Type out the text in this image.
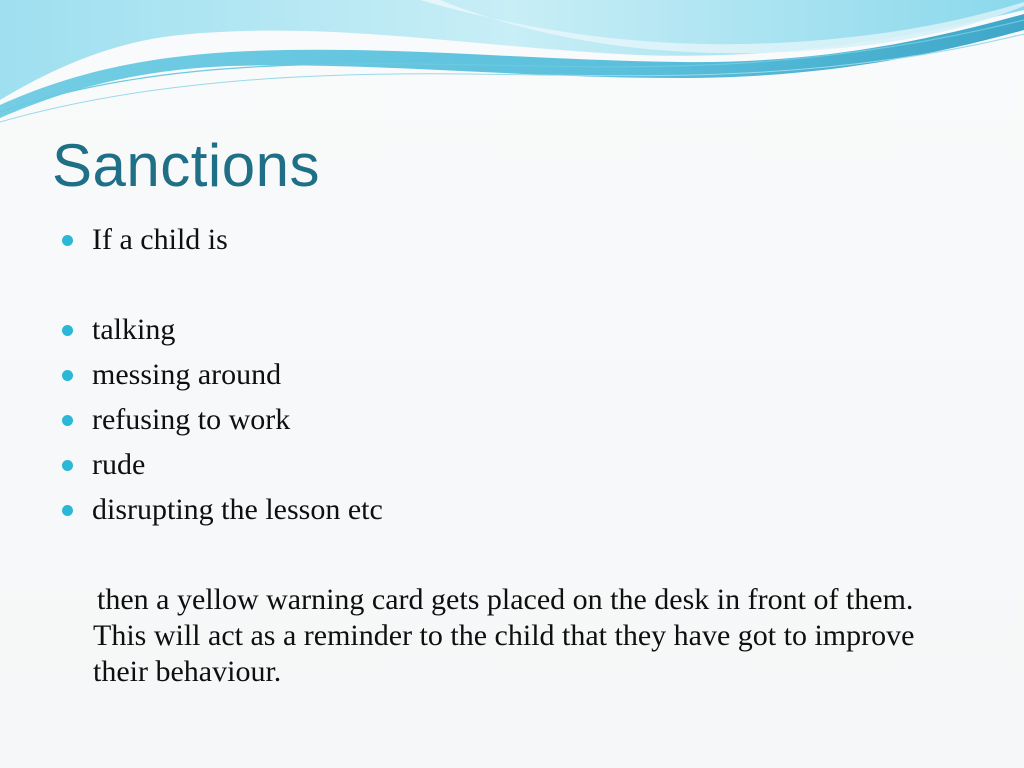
Sanctions
If a child is
talking
messing around
refusing to work
rude
disrupting the lesson etc

then a yellow warning card gets placed on the desk in front of them. This will act as a reminder to the child that they have got to improve their behaviour.
